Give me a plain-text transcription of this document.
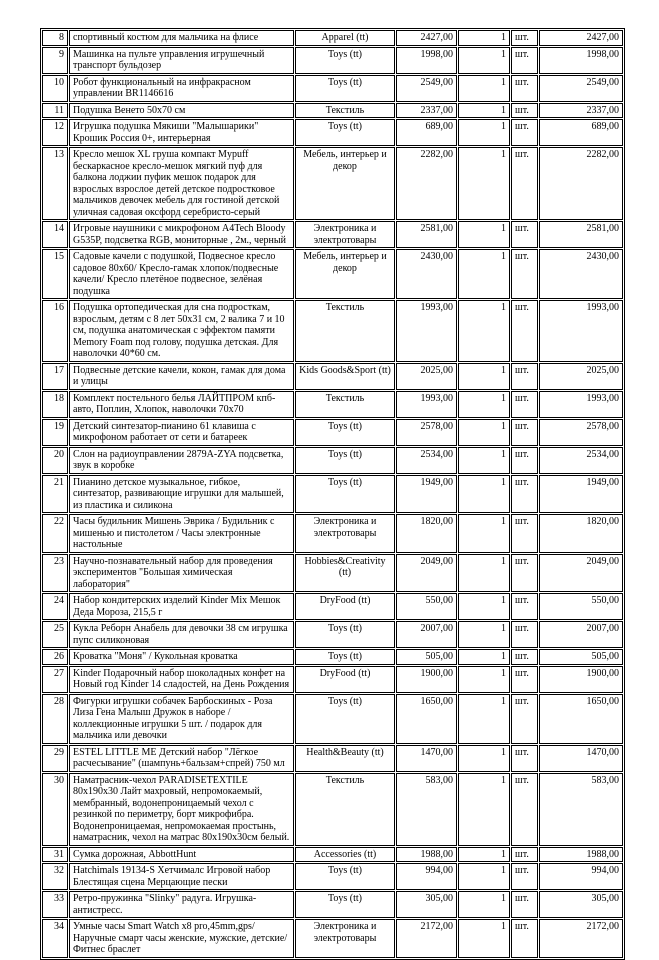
8	спортивный костюм для мальчика на флисе	Apparel (tt)	2427,00	1	шт.	2427,00
9	Машинка на пульте управления игрушечный транспорт бульдозер	Toys (tt)	1998,00	1	шт.	1998,00
10	Робот функциональный на инфракрасном управлении BR1146616	Toys (tt)	2549,00	1	шт.	2549,00
11	Подушка Венето 50х70 см	Текстиль	2337,00	1	шт.	2337,00
12	Игрушка подушка Мякиши "Малышарики" Крошик Россия 0+, интерьерная	Toys (tt)	689,00	1	шт.	689,00
13	Кресло мешок XL груша компакт Mypuff бескаркасное кресло-мешок мягкий пуф для балкона лоджии пуфик мешок подарок для взрослых взрослое детей детское подростковое мальчиков девочек мебель для гостиной детской уличная садовая оксфорд серебристо-серый	Мебель, интерьер и декор	2282,00	1	шт.	2282,00
14	Игровые наушники с микрофоном A4Tech Bloody G535P, подсветка RGB, мониторные , 2м., черный	Электроника и электротовары	2581,00	1	шт.	2581,00
15	Садовые качели с подушкой, Подвесное кресло садовое 80х60/ Кресло-гамак хлопок/подвесные качели/ Кресло плетёное подвесное, зелёная подушка	Мебель, интерьер и декор	2430,00	1	шт.	2430,00
16	Подушка ортопедическая для сна подросткам, взрослым, детям с 8 лет 50х31 см, 2 валика 7 и 10 см, подушка анатомическая с эффектом памяти Memory Foam под голову, подушка детская. Для наволочки 40*60 см.	Текстиль	1993,00	1	шт.	1993,00
17	Подвесные детские качели, кокон, гамак для дома и улицы	Kids Goods&Sport (tt)	2025,00	1	шт.	2025,00
18	Комплект постельного белья ЛАЙТПРОМ кпб-авто, Поплин, Хлопок, наволочки 70х70	Текстиль	1993,00	1	шт.	1993,00
19	Детский синтезатор-пианино 61 клавиша с микрофоном работает от сети и батареек	Toys (tt)	2578,00	1	шт.	2578,00
20	Слон на радиоуправлении 2879A-ZYA подсветка, звук в коробке	Toys (tt)	2534,00	1	шт.	2534,00
21	Пианино детское музыкальное, гибкое, синтезатор, развивающие игрушки для малышей, из пластика и силикона	Toys (tt)	1949,00	1	шт.	1949,00
22	Часы будильник Мишень Эврика / Будильник с мишенью и пистолетом / Часы электронные настольные	Электроника и электротовары	1820,00	1	шт.	1820,00
23	Научно-познавательный набор для проведения экспериментов "Большая химическая лаборатория"	Hobbies&Creativity (tt)	2049,00	1	шт.	2049,00
24	Набор кондитерских изделий Kinder Mix Мешок Деда Мороза, 215,5 г	DryFood (tt)	550,00	1	шт.	550,00
25	Кукла Реборн Анабель для девочки 38 см игрушка пупс силиконовая	Toys (tt)	2007,00	1	шт.	2007,00
26	Кроватка "Моня" / Кукольная кроватка	Toys (tt)	505,00	1	шт.	505,00
27	Kinder Подарочный набор шоколадных конфет на Новый год Kinder 14 сладостей, на День Рождения	DryFood (tt)	1900,00	1	шт.	1900,00
28	Фигурки игрушки собачек Барбоскиных - Роза Лиза Гена Малыш Дружок в наборе / коллекционные игрушки 5 шт. / подарок для мальчика или девочки	Toys (tt)	1650,00	1	шт.	1650,00
29	ESTEL LITTLE ME Детский набор "Лёгкое расчесывание" (шампунь+бальзам+спрей) 750 мл	Health&Beauty (tt)	1470,00	1	шт.	1470,00
30	Наматрасник-чехол PARADISETEXTILE 80x190x30 Лайт махровый, непромокаемый, мембранный, водонепроницаемый чехол с резинкой по периметру, борт микрофибра. Водонепроницаемая, непромокаемая простынь, наматрасник, чехол на матрас 80х190х30см белый.	Текстиль	583,00	1	шт.	583,00
31	Сумка дорожная, AbbottHunt	Accessories (tt)	1988,00	1	шт.	1988,00
32	Hatchimals 19134-S Хетчималс Игровой набор Блестящая сцена Мерцающие пески	Toys (tt)	994,00	1	шт.	994,00
33	Ретро-пружинка "Slinky" радуга. Игрушка-антистресс.	Toys (tt)	305,00	1	шт.	305,00
34	Умные часы Smart Watch x8 pro,45mm,gps/Наручные смарт часы женские, мужские, детские/Фитнес браслет	Электроника и электротовары	2172,00	1	шт.	2172,00
